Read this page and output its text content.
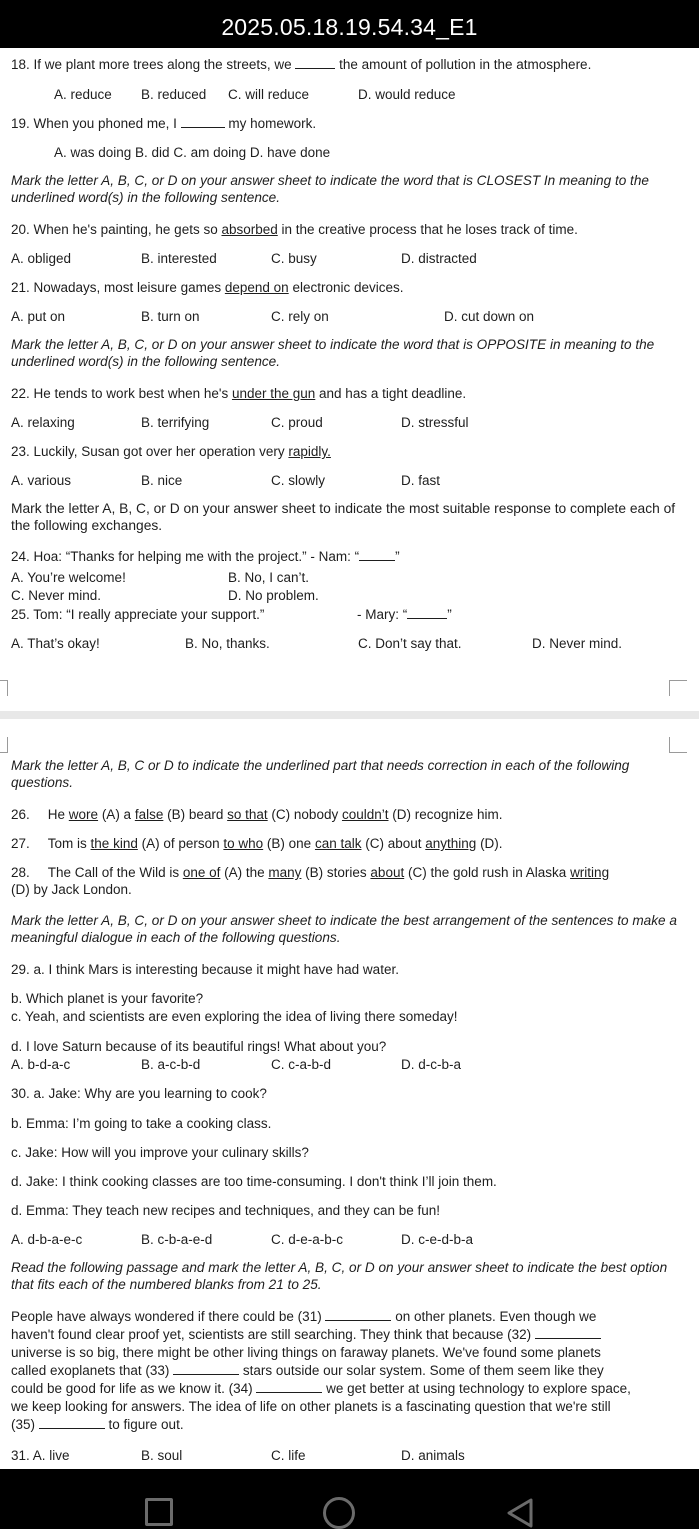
2025.05.18.19.54.34_E1
18. If we plant more trees along the streets, we	the amount of pollution in the atmosphere.
A. reduce B. reduced C. will reduce	D. would reduce
19. When you phoned me, I	my homework.
A. was doing B. did C. am doing D. have done
Mark the letter A, B, C, or D on your answer sheet to indicate the word that is CLOSEST In meaning to the underlined word(s) in the following sentence.
20. When he's painting, he gets so absorbed in the creative process that he loses track of time.
A. obliged	B. interested	C. busy	D. distracted
21. Nowadays, most leisure games depend on electronic devices.
A. put on	B. turn on	C. rely on	D. cut down on
Mark the letter A, B, C, or D on your answer sheet to indicate the word that is OPPOSITE in meaning to the underlined word(s) in the following sentence.
22. He tends to work best when he's under the gun and has a tight deadline.
A. relaxing	B. terrifying	C. proud	D. stressful
23. Luckily, Susan got over her operation very rapidly.
A. various	B. nice	C. slowly	D. fast
Mark the letter A, B, C, or D on your answer sheet to indicate the most suitable response to complete each of the following exchanges.
24. Hoa: “Thanks for helping me with the project.” - Nam: “	”
A. You’re welcome!	B. No, I can’t.
C. Never mind.	D. No problem.
25. Tom: “I really appreciate your support.”	- Mary: “	”
A. That’s okay!	B. No, thanks.	C. Don’t say that.	D. Never mind.
Mark the letter A, B, C or D to indicate the underlined part that needs correction in each of the following questions.
26. He wore (A) a false (B) beard so that (C) nobody couldn’t (D) recognize him.
27. Tom is the kind (A) of person to who (B) one can talk (C) about anything (D).
28. The Call of the Wild is one of (A) the many (B) stories about (C) the gold rush in Alaska writing
(D) by Jack London.
Mark the letter A, B, C, or D on your answer sheet to indicate the best arrangement of the sentences to make a meaningful dialogue in each of the following questions.
29. a. I think Mars is interesting because it might have had water.
b. Which planet is your favorite?
c. Yeah, and scientists are even exploring the idea of living there someday!
d. I love Saturn because of its beautiful rings! What about you?
A. b-d-a-c	B. a-c-b-d	C. c-a-b-d	D. d-c-b-a
30. a. Jake: Why are you learning to cook?
b. Emma: I’m going to take a cooking class.
c. Jake: How will you improve your culinary skills?
d. Jake: I think cooking classes are too time-consuming. I don't think I’ll join them.
d. Emma: They teach new recipes and techniques, and they can be fun!
A. d-b-a-e-c	B. c-b-a-e-d	C. d-e-a-b-c	D. c-e-d-b-a
Read the following passage and mark the letter A, B, C, or D on your answer sheet to indicate the best option that fits each of the numbered blanks from 21 to 25.
People have always wondered if there could be (31)	on other planets. Even though we
haven't found clear proof yet, scientists are still searching. They think that because (32)
universe is so big, there might be other living things on faraway planets. We've found some planets
called exoplanets that (33)	stars outside our solar system. Some of them seem like they
could be good for life as we know it. (34)	we get better at using technology to explore space,
we keep looking for answers. The idea of life on other planets is a fascinating question that we're still
(35)	to figure out.
31. A. live	B. soul	C. life	D. animals
